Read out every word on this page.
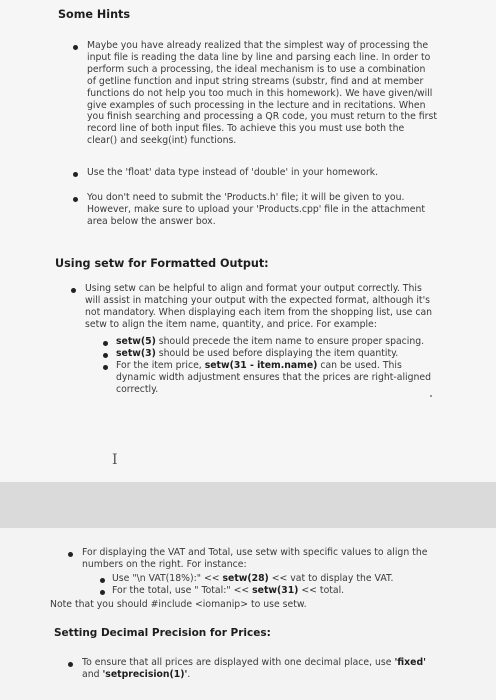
Some Hints

Maybe you have already realized that the simplest way of processing the input file is reading the data line by line and parsing each line. In order to perform such a processing, the ideal mechanism is to use a combination of getline function and input string streams (substr, find and at member functions do not help you too much in this homework). We have given/will give examples of such processing in the lecture and in recitations. When you finish searching and processing a QR code, you must return to the first record line of both input files. To achieve this you must use both the clear() and seekg(int) functions.

Use the 'float' data type instead of 'double' in your homework.

You don't need to submit the 'Products.h' file; it will be given to you. However, make sure to upload your 'Products.cpp' file in the attachment area below the answer box.

Using setw for Formatted Output:

Using setw can be helpful to align and format your output correctly. This will assist in matching your output with the expected format, although it's not mandatory. When displaying each item from the shopping list, use can setw to align the item name, quantity, and price. For example:

setw(5) should precede the item name to ensure proper spacing.
setw(3) should be used before displaying the item quantity.

For the item price, setw(31 - item.name) can be used. This dynamic width adjustment ensures that the prices are right-aligned correctly.

I

For displaying the VAT and Total, use setw with specific values to align the numbers on the right. For instance:

Use "\n VAT(18%):" << setw(28) << vat to display the VAT.
For the total, use " Total:" << setw(31) << total.
Note that you should #include <iomanip> to use setw.
Setting Decimal Precision for Prices:

To ensure that all prices are displayed with one decimal place, use 'fixed' and 'setprecision(1)'.
